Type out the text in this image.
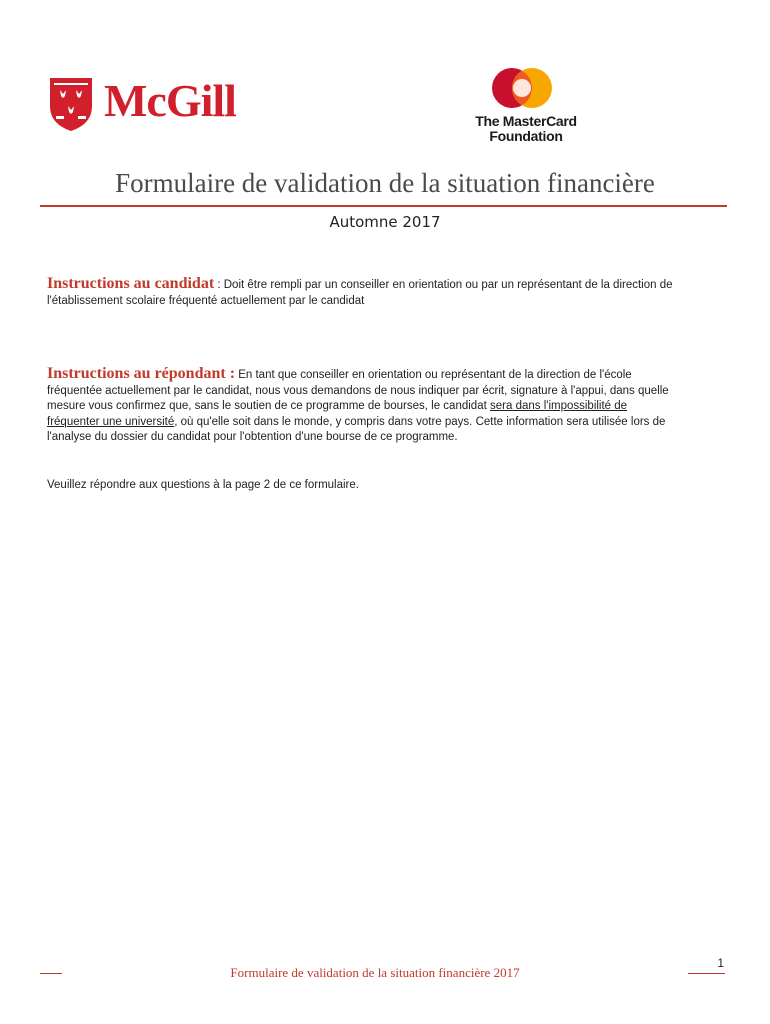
McGill	The MasterCard
Foundation
Formulaire de validation de la situation financière
Automne 2017
Instructions au candidat : Doit être rempli par un conseiller en orientation ou par un représentant de la direction de l'établissement scolaire fréquenté actuellement par le candidat
Instructions au répondant : En tant que conseiller en orientation ou représentant de la direction de l'école fréquentée actuellement par le candidat, nous vous demandons de nous indiquer par écrit, signature à l'appui, dans quelle mesure vous confirmez que, sans le soutien de ce programme de bourses, le candidat sera dans l'impossibilité de fréquenter une université, où qu'elle soit dans le monde, y compris dans votre pays. Cette information sera utilisée lors de l'analyse du dossier du candidat pour l'obtention d'une bourse de ce programme.
Veuillez répondre aux questions à la page 2 de ce formulaire.
Formulaire de validation de la situation financière 2017
1
